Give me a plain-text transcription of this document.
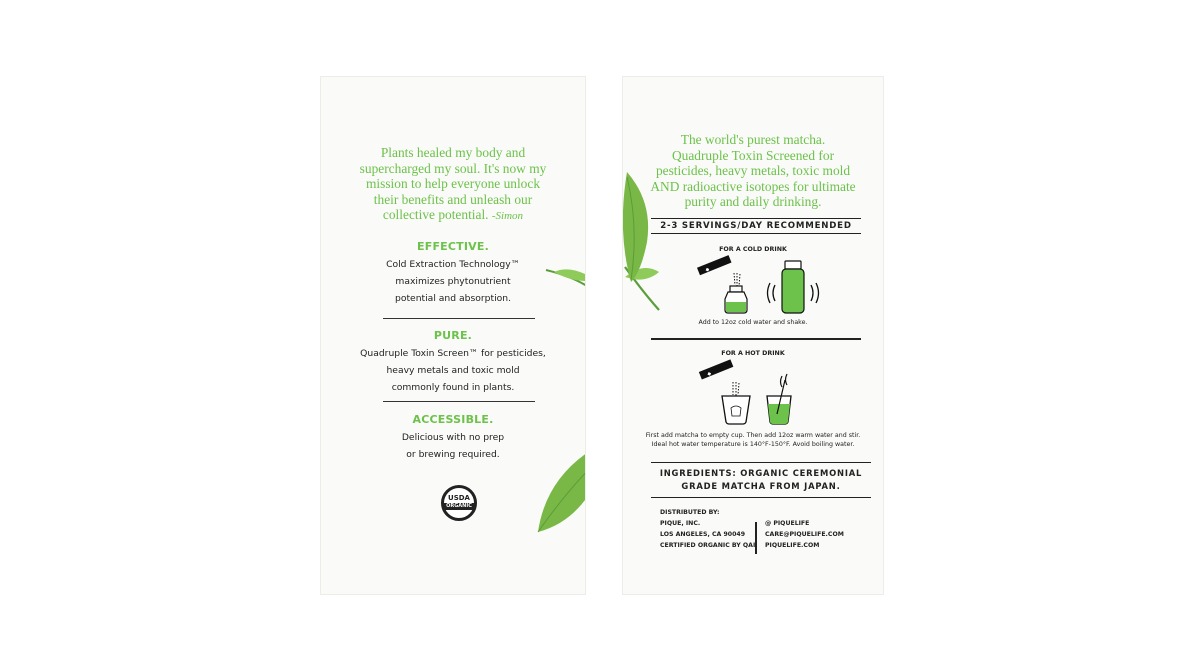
Plants healed my body and
supercharged my soul. It's now my
mission to help everyone unlock
their benefits and unleash our
collective potential. -Simon
EFFECTIVE.
Cold Extraction Technology™
maximizes phytonutrient
potential and absorption.
PURE.
Quadruple Toxin Screen™ for pesticides,
heavy metals and toxic mold
commonly found in plants.
ACCESSIBLE.
Delicious with no prep
or brewing required.
USDA
ORGANIC
The world's purest matcha.
Quadruple Toxin Screened for
pesticides, heavy metals, toxic mold
AND radioactive isotopes for ultimate
purity and daily drinking.
2-3 SERVINGS/DAY RECOMMENDED
FOR A COLD DRINK
◆
Add to 12oz cold water and shake.
FOR A HOT DRINK
◆
First add matcha to empty cup. Then add 12oz warm water and stir.
Ideal hot water temperature is 140°F-150°F. Avoid boiling water.
INGREDIENTS: ORGANIC CEREMONIAL
GRADE MATCHA FROM JAPAN.
DISTRIBUTED BY:
PIQUE, INC.
LOS ANGELES, CA 90049
CERTIFIED ORGANIC BY QAI
@ PIQUELIFE
CARE@PIQUELIFE.COM
PIQUELIFE.COM
